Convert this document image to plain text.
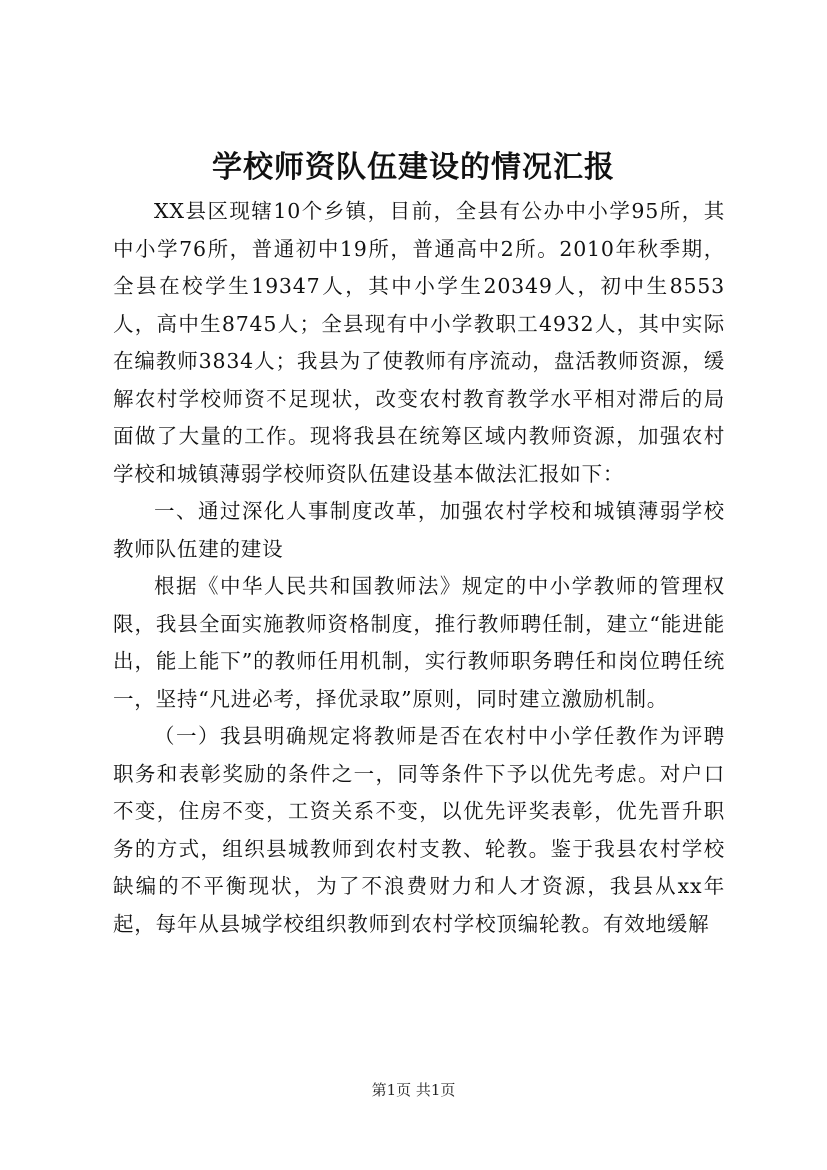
学校师资队伍建设的情况汇报

XX县区现辖10个乡镇，目前，全县有公办中小学95所，其中小学76所，普通初中19所，普通高中2所。2010年秋季期，全县在校学生19347人，其中小学生20349人，初中生8553人，高中生8745人；全县现有中小学教职工4932人，其中实际在编教师3834人；我县为了使教师有序流动，盘活教师资源，缓解农村学校师资不足现状，改变农村教育教学水平相对滞后的局面做了大量的工作。现将我县在统筹区域内教师资源，加强农村学校和城镇薄弱学校师资队伍建设基本做法汇报如下：

一、通过深化人事制度改革，加强农村学校和城镇薄弱学校教师队伍建的建设

根据《中华人民共和国教师法》规定的中小学教师的管理权限，我县全面实施教师资格制度，推行教师聘任制，建立“能进能出，能上能下”的教师任用机制，实行教师职务聘任和岗位聘任统一，坚持“凡进必考，择优录取”原则，同时建立激励机制。

（一）我县明确规定将教师是否在农村中小学任教作为评聘职务和表彰奖励的条件之一，同等条件下予以优先考虑。对户口不变，住房不变，工资关系不变，以优先评奖表彰，优先晋升职务的方式，组织县城教师到农村支教、轮教。鉴于我县农村学校缺编的不平衡现状，为了不浪费财力和人才资源，我县从xx年起，每年从县城学校组织教师到农村学校顶编轮教。有效地缓解

第1页 共1页
